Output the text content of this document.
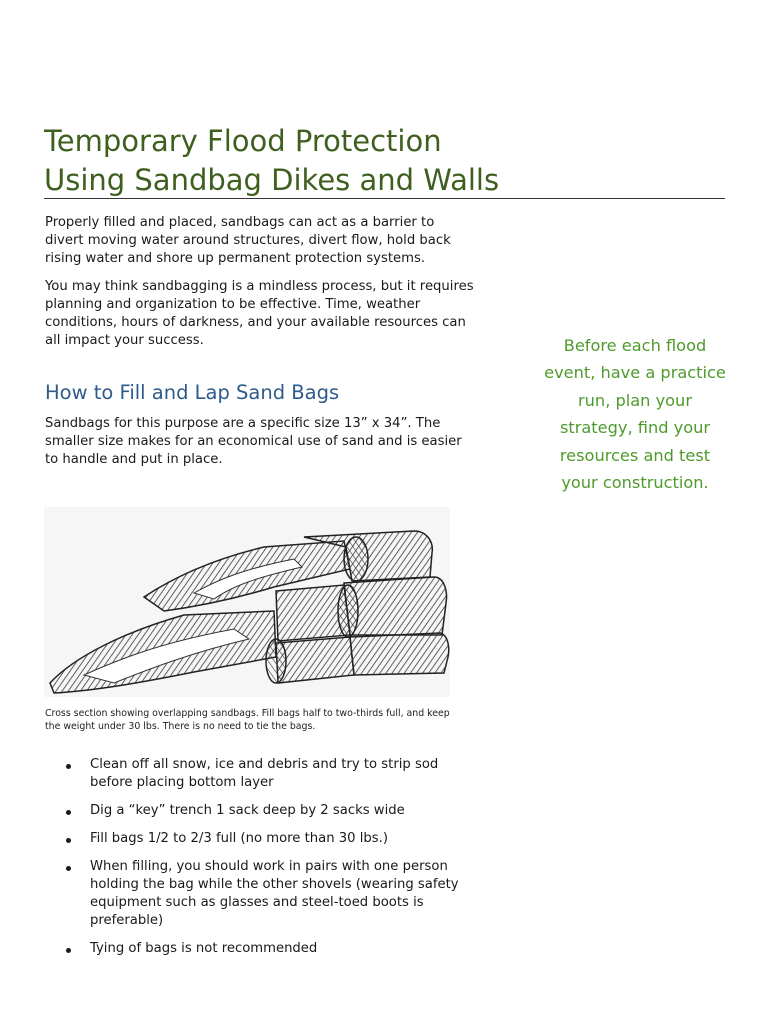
Temporary Flood Protection
Using Sandbag Dikes and Walls

Properly filled and placed, sandbags can act as a barrier to divert moving water around structures, divert flow, hold back rising water and shore up permanent protection systems.

You may think sandbagging is a mindless process, but it requires planning and organization to be effective. Time, weather conditions, hours of darkness, and your available resources can all impact your success.	Before each flood event, have a practice run, plan your strategy, find your resources and test your construction.

How to Fill and Lap Sand Bags

Sandbags for this purpose are a specific size 13” x 34”. The smaller size makes for an economical use of sand and is easier to handle and put in place.

Cross section showing overlapping sandbags. Fill bags half to two-thirds full, and keep the weight under 30 lbs. There is no need to tie the bags.

Clean off all snow, ice and debris and try to strip sod before placing bottom layer
Dig a “key” trench 1 sack deep by 2 sacks wide
Fill bags 1/2 to 2/3 full (no more than 30 lbs.)
When filling, you should work in pairs with one person holding the bag while the other shovels (wearing safety equipment such as glasses and steel-toed boots is preferable)
Tying of bags is not recommended
